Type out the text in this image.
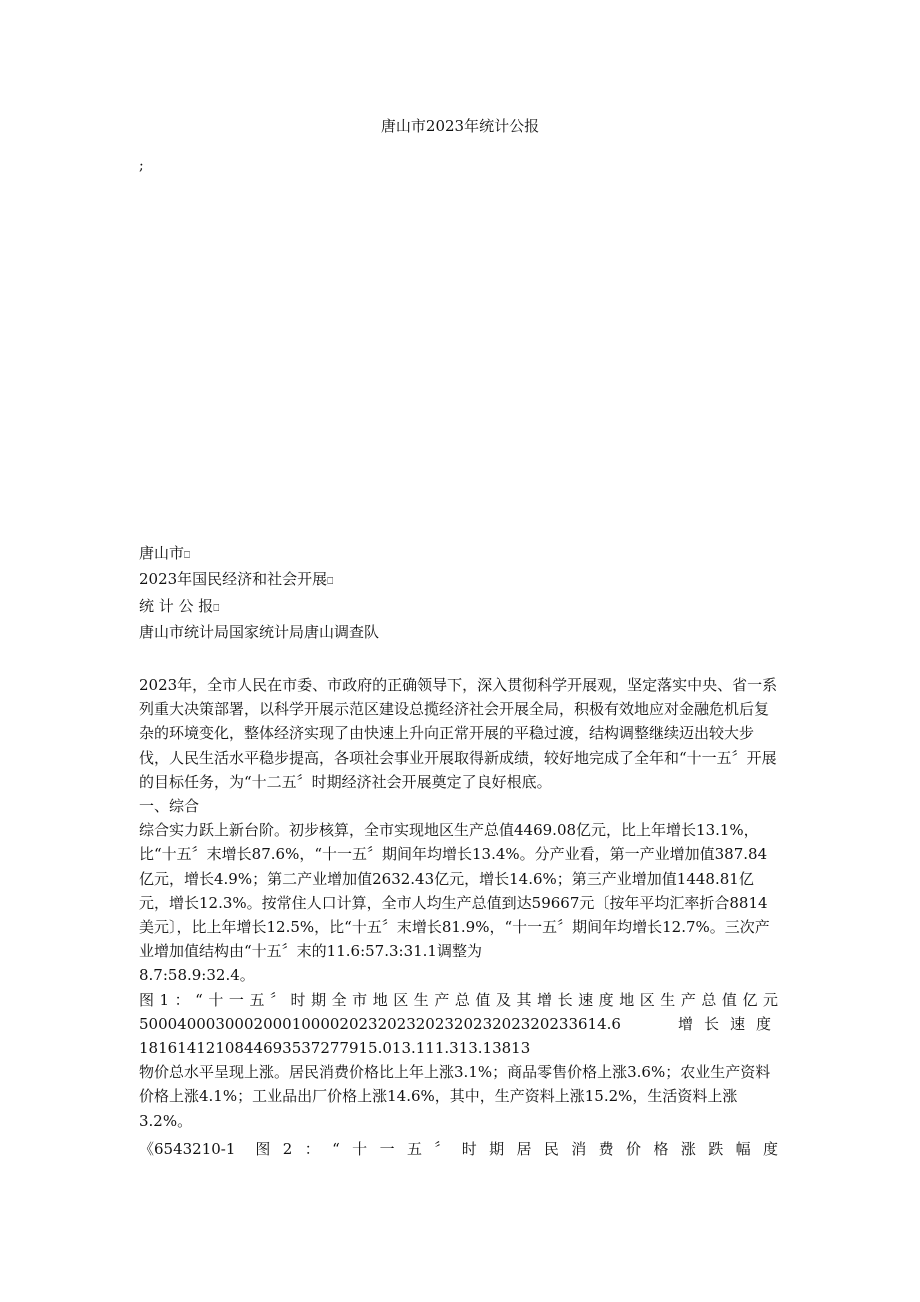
唐山市2023年统计公报
;
唐山市⎕
2023年国民经济和社会开展⎕
统 计 公 报⎕
唐山市统计局国家统计局唐山调查队

2023年，全市人民在市委、市政府的正确领导下，深入贯彻科学开展观，坚定落实中央、省一系列重大决策部署，以科学开展示范区建设总揽经济社会开展全局，积极有效地应对金融危机后复杂的环境变化，整体经济实现了由快速上升向正常开展的平稳过渡，结构调整继续迈出较大步伐，人民生活水平稳步提高，各项社会事业开展取得新成绩，较好地完成了全年和“十一五〞开展的目标任务，为“十二五〞时期经济社会开展奠定了良好根底。

一、综合

综合实力跃上新台阶。初步核算，全市实现地区生产总值4469.08亿元，比上年增长13.1%，比“十五〞末增长87.6%，“十一五〞期间年均增长13.4%。分产业看，第一产业增加值387.84亿元，增长4.9%；第二产业增加值2632.43亿元，增长14.6%；第三产业增加值1448.81亿元，增长12.3%。按常住人口计算，全市人均生产总值到达59667元〔按年平均汇率折合8814美元〕，比上年增长12.5%，比“十五〞末增长81.9%，“十一五〞期间年均增长12.7%。三次产业增加值结构由“十五〞末的11.6:57.3:31.1调整为

8.7:58.9:32.4。

图1：“十一五〞时期全市地区生产总值及其增长速度地区生产总值亿元

5000400030002000100002023202320232023202320233614.6	增长速度

1816141210844693537277915.013.111.313.13813

物价总水平呈现上涨。居民消费价格比上年上涨3.1%；商品零售价格上涨3.6%；农业生产资料价格上涨4.1%；工业品出厂价格上涨14.6%，其中，生产资料上涨15.2%，生活资料上涨3.2%。

《6543210-1 图2：“十一五〞时期居民消费价格涨跌幅度
